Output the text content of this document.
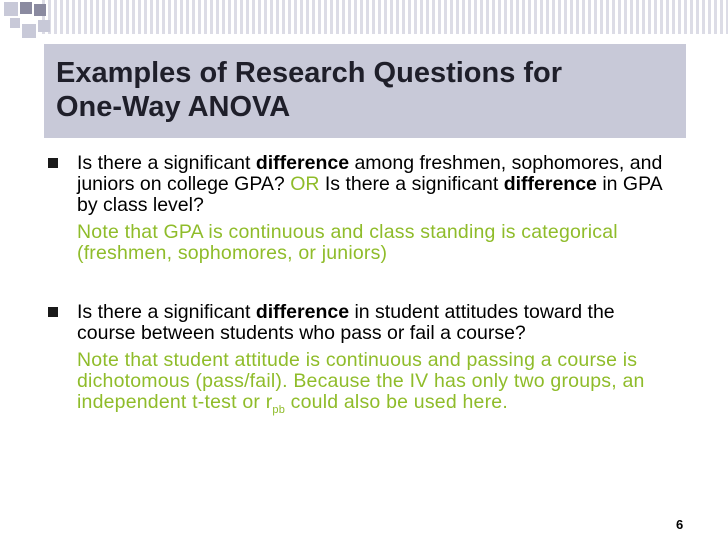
Examples of Research Questions for
One-Way ANOVA
Is there a significant difference among freshmen, sophomores, and juniors on college GPA? OR Is there a significant difference in GPA by class level?
Note that GPA is continuous and class standing is categorical (freshmen, sophomores, or juniors)
Is there a significant difference in student attitudes toward the course between students who pass or fail a course?
Note that student attitude is continuous and passing a course is dichotomous (pass/fail). Because the IV has only two groups, an independent t-test or $r_{pb}$ could also be used here.
6
